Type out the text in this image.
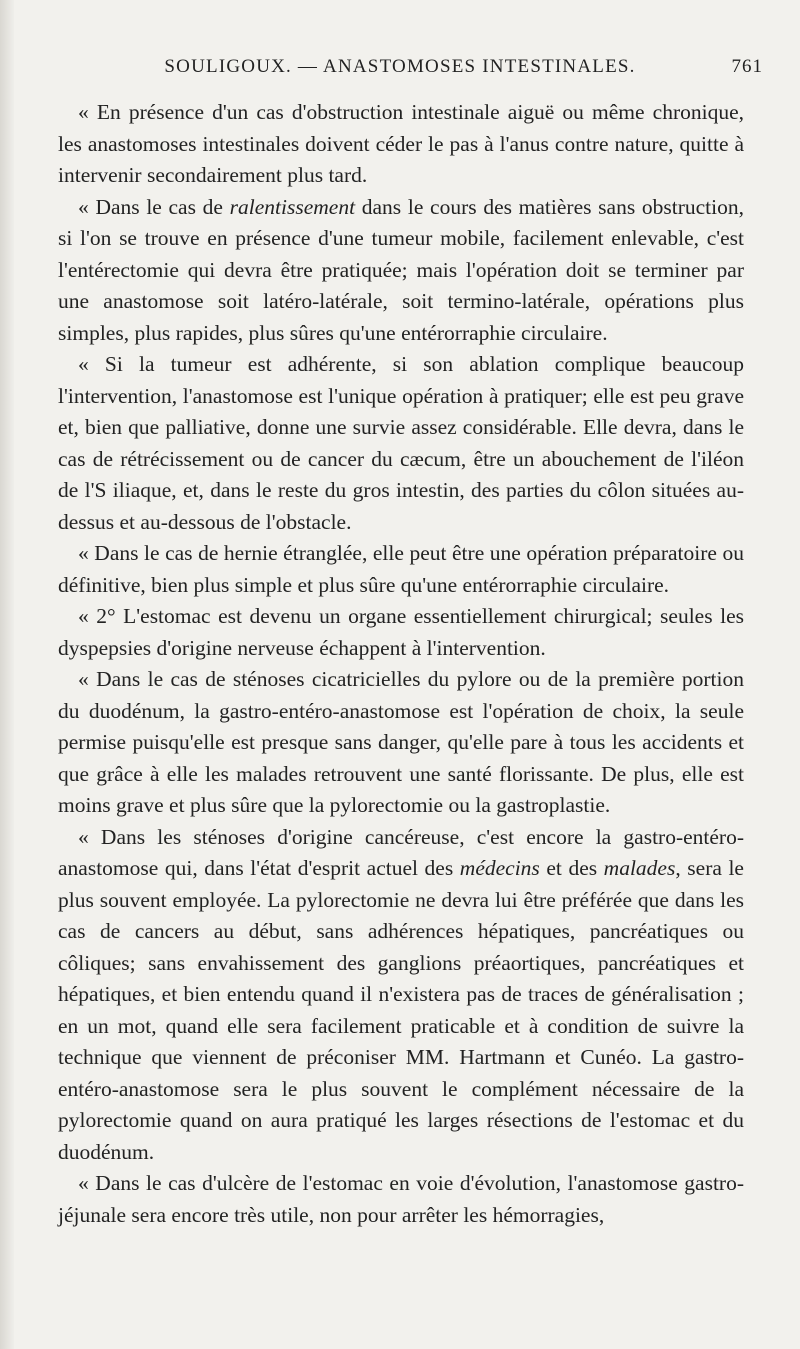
SOULIGOUX. — ANASTOMOSES INTESTINALES.	761

« En présence d'un cas d'obstruction intestinale aiguë ou même chronique, les anastomoses intestinales doivent céder le pas à l'anus contre nature, quitte à intervenir secondairement plus tard.

« Dans le cas de ralentissement dans le cours des matières sans obstruction, si l'on se trouve en présence d'une tumeur mobile, facilement enlevable, c'est l'entérectomie qui devra être pratiquée; mais l'opération doit se terminer par une anastomose soit latéro-latérale, soit termino-latérale, opérations plus simples, plus rapides, plus sûres qu'une entérorraphie circulaire.

« Si la tumeur est adhérente, si son ablation complique beaucoup l'intervention, l'anastomose est l'unique opération à pratiquer; elle est peu grave et, bien que palliative, donne une survie assez considérable. Elle devra, dans le cas de rétrécissement ou de cancer du cæcum, être un abouchement de l'iléon de l'S iliaque, et, dans le reste du gros intestin, des parties du côlon situées au-dessus et au-dessous de l'obstacle.

« Dans le cas de hernie étranglée, elle peut être une opération préparatoire ou définitive, bien plus simple et plus sûre qu'une entérorraphie circulaire.

« 2° L'estomac est devenu un organe essentiellement chirurgical; seules les dyspepsies d'origine nerveuse échappent à l'intervention.

« Dans le cas de sténoses cicatricielles du pylore ou de la première portion du duodénum, la gastro-entéro-anastomose est l'opération de choix, la seule permise puisqu'elle est presque sans danger, qu'elle pare à tous les accidents et que grâce à elle les malades retrouvent une santé florissante. De plus, elle est moins grave et plus sûre que la pylorectomie ou la gastroplastie.

« Dans les sténoses d'origine cancéreuse, c'est encore la gastro-entéro-anastomose qui, dans l'état d'esprit actuel des médecins et des malades, sera le plus souvent employée. La pylorectomie ne devra lui être préférée que dans les cas de cancers au début, sans adhérences hépatiques, pancréatiques ou côliques; sans envahissement des ganglions préaortiques, pancréatiques et hépatiques, et bien entendu quand il n'existera pas de traces de généralisation ; en un mot, quand elle sera facilement praticable et à condition de suivre la technique que viennent de préconiser MM. Hartmann et Cunéo. La gastro-entéro-anastomose sera le plus souvent le complément nécessaire de la pylorectomie quand on aura pratiqué les larges résections de l'estomac et du duodénum.

« Dans le cas d'ulcère de l'estomac en voie d'évolution, l'anastomose gastro-jéjunale sera encore très utile, non pour arrêter les hémorragies,
